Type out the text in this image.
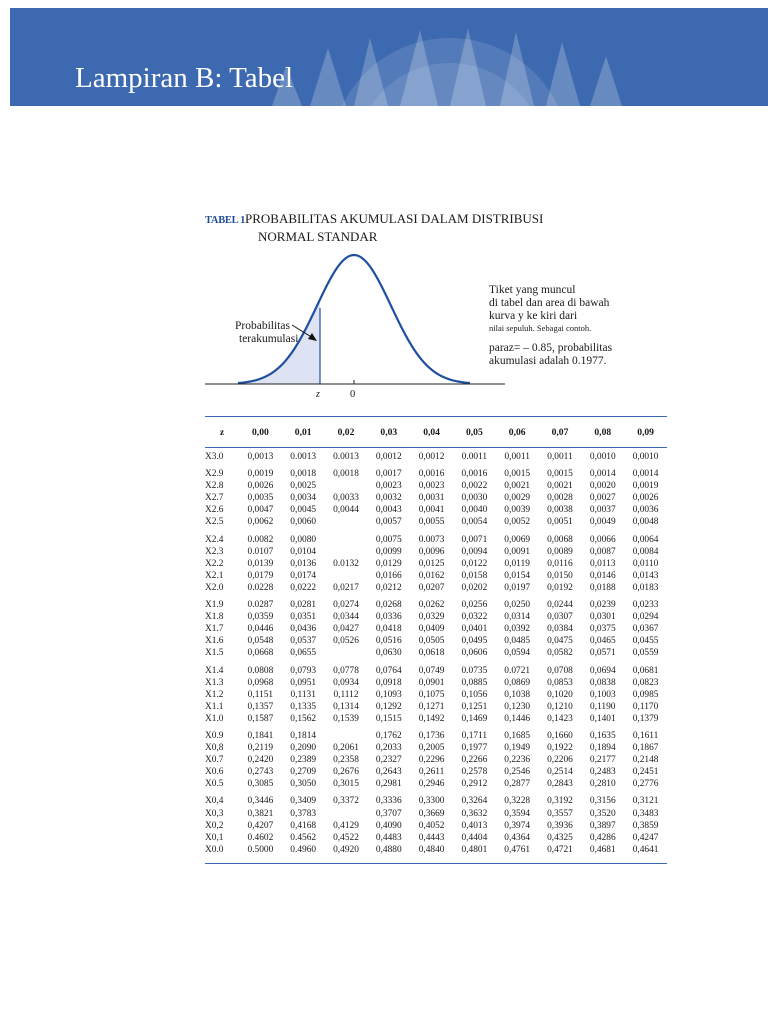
Lampiran B: Tabel
TABEL 1PROBABILITAS AKUMULASI DALAM DISTRIBUSI
NORMAL STANDAR
Probabilitas
terakumulasi
z	0
Tiket yang muncul
di tabel dan area di bawah
kurva y ke kiri dari
nilai sepuluh. Sebagai contoh.
paraz= – 0.85, probabilitas
akumulasi adalah 0.1977.
z	0,00	0,01	0,02	0,03	0,04	0,05	0,06	0,07	0,08	0,09
X3.0	0,0013	0.0013	0.0013	0,0012	0,0012	0.0011	0,0011	0,0011	0,0010	0,0010
X2.9	0,0019	0,0018	0,0018	0,0017	0,0016	0,0016	0,0015	0,0015	0,0014	0,0014
X2.8	0,0026	0,0025		0,0023	0,0023	0,0022	0,0021	0,0021	0,0020	0,0019
X2.7	0,0035	0,0034	0,0033	0,0032	0,0031	0,0030	0,0029	0,0028	0,0027	0,0026
X2.6	0,0047	0,0045	0,0044	0,0043	0,0041	0,0040	0,0039	0,0038	0,0037	0,0036
X2.5	0,0062	0,0060		0,0057	0,0055	0,0054	0,0052	0,0051	0,0049	0,0048
X2.4	0.0082	0,0080		0,0075	0.0073	0,0071	0,0069	0,0068	0,0066	0,0064
X2.3	0.0107	0,0104		0,0099	0,0096	0,0094	0,0091	0,0089	0,0087	0,0084
X2.2	0,0139	0,0136	0.0132	0,0129	0,0125	0,0122	0,0119	0,0116	0,0113	0,0110
X2.1	0,0179	0,0174		0,0166	0,0162	0,0158	0,0154	0,0150	0,0146	0,0143
X2.0	0.0228	0,0222	0,0217	0,0212	0,0207	0,0202	0,0197	0,0192	0,0188	0,0183
X1.9	0.0287	0,0281	0,0274	0,0268	0,0262	0,0256	0,0250	0,0244	0,0239	0,0233
X1.8	0,0359	0,0351	0,0344	0,0336	0,0329	0,0322	0,0314	0,0307	0,0301	0,0294
X1.7	0,0446	0,0436	0,0427	0,0418	0,0409	0,0401	0,0392	0,0384	0,0375	0,0367
X1.6	0,0548	0,0537	0,0526	0,0516	0,0505	0,0495	0,0485	0,0475	0,0465	0,0455
X1.5	0,0668	0,0655		0,0630	0,0618	0,0606	0,0594	0,0582	0,0571	0,0559
X1.4	0.0808	0,0793	0,0778	0,0764	0,0749	0.0735	0.0721	0,0708	0,0694	0,0681
X1.3	0,0968	0,0951	0,0934	0,0918	0,0901	0,0885	0,0869	0,0853	0,0838	0,0823
X1.2	0,1151	0,1131	0,1112	0,1093	0,1075	0,1056	0,1038	0,1020	0,1003	0,0985
X1.1	0,1357	0,1335	0,1314	0,1292	0,1271	0,1251	0,1230	0,1210	0,1190	0,1170
X1.0	0,1587	0,1562	0,1539	0,1515	0,1492	0,1469	0,1446	0,1423	0,1401	0,1379
X0.9	0,1841	0,1814		0,1762	0,1736	0,1711	0,1685	0,1660	0,1635	0,1611
X0,8	0,2119	0,2090	0,2061	0,2033	0,2005	0,1977	0,1949	0,1922	0,1894	0,1867
X0.7	0,2420	0,2389	0,2358	0,2327	0,2296	0,2266	0,2236	0,2206	0,2177	0,2148
X0.6	0,2743	0,2709	0,2676	0,2643	0,2611	0,2578	0,2546	0,2514	0,2483	0,2451
X0.5	0,3085	0,3050	0,3015	0,2981	0,2946	0,2912	0,2877	0,2843	0,2810	0,2776
X0,4	0,3446	0,3409	0,3372	0,3336	0,3300	0,3264	0,3228	0,3192	0,3156	0,3121
X0,3	0,3821	0,3783		0,3707	0,3669	0,3632	0,3594	0,3557	0,3520	0,3483
X0,2	0,4207	0,4168	0,4129	0,4090	0,4052	0,4013	0,3974	0,3936	0,3897	0,3859
X0,1	0.4602	0.4562	0,4522	0,4483	0,4443	0,4404	0,4364	0,4325	0,4286	0,4247
X0.0	0.5000	0.4960	0,4920	0,4880	0,4840	0,4801	0,4761	0,4721	0,4681	0,4641
